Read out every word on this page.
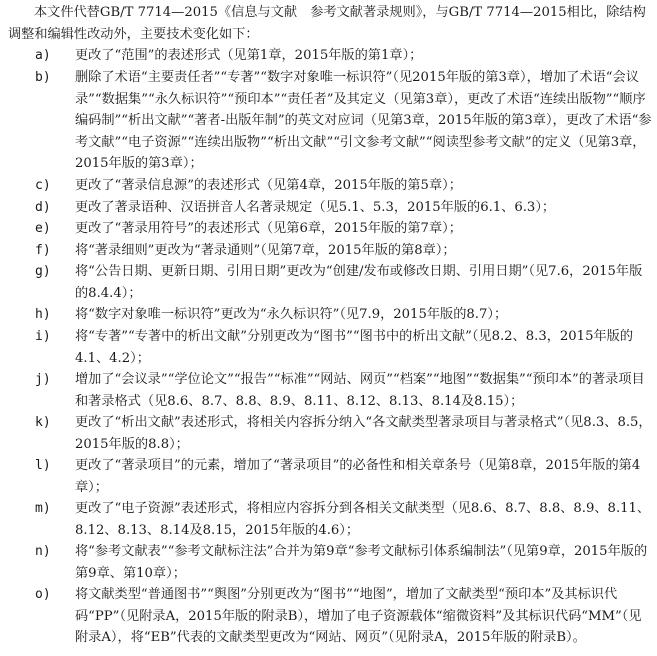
本文件代替GB/T 7714—2015《信息与文献　参考文献著录规则》，与GB/T 7714—2015相比，除结构调整和编辑性改动外，主要技术变化如下：
a) 更改了“范围”的表述形式（见第1章，2015年版的第1章）；
b) 删除了术语“主要责任者”“专著”“数字对象唯一标识符”（见2015年版的第3章），增加了术语“会议录”“数据集”“永久标识符”“预印本”“责任者”及其定义（见第3章），更改了术语“连续出版物”“顺序编码制”“析出文献”“著者-出版年制”的英文对应词（见第3章，2015年版的第3章），更改了术语“参考文献”“电子资源”“连续出版物”“析出文献”“引文参考文献”“阅读型参考文献”的定义（见第3章，2015年版的第3章）；
c) 更改了“著录信息源”的表述形式（见第4章，2015年版的第5章）；
d) 更改了著录语种、汉语拼音人名著录规定（见5.1、5.3，2015年版的6.1、6.3）；
e) 更改了“著录用符号”的表述形式（见第6章，2015年版的第7章）；
f) 将“著录细则”更改为“著录通则”（见第7章，2015年版的第8章）；
g) 将“公告日期、更新日期、引用日期”更改为“创建/发布或修改日期、引用日期”（见7.6，2015年版的8.4.4）；
h) 将“数字对象唯一标识符”更改为“永久标识符”（见7.9，2015年版的8.7）；
i) 将“专著”“专著中的析出文献”分别更改为“图书”“图书中的析出文献”（见8.2、8.3，2015年版的4.1、4.2）；
j) 增加了“会议录”“学位论文”“报告”“标准”“网站、网页”“档案”“地图”“数据集”“预印本”的著录项目和著录格式（见8.6、8.7、8.8、8.9、8.11、8.12、8.13、8.14及8.15）；
k) 更改了“析出文献”表述形式，将相关内容拆分纳入“各文献类型著录项目与著录格式”（见8.3、8.5，2015年版的8.8）；
l) 更改了“著录项目”的元素，增加了“著录项目”的必备性和相关章条号（见第8章，2015年版的第4章）；
m) 更改了“电子资源”表述形式，将相应内容拆分到各相关文献类型（见8.6、8.7、8.8、8.9、8.11、8.12、8.13、8.14及8.15，2015年版的4.6）；
n) 将“参考文献表”“参考文献标注法”合并为第9章“参考文献标引体系编制法”（见第9章，2015年版的第9章、第10章）；
o) 将文献类型“普通图书”“舆图”分别更改为“图书”“地图”，增加了文献类型“预印本”及其标识代码“PP”（见附录A，2015年版的附录B），增加了电子资源载体“缩微资料”及其标识代码“MM”（见附录A），将“EB”代表的文献类型更改为“网站、网页”（见附录A，2015年版的附录B）。
